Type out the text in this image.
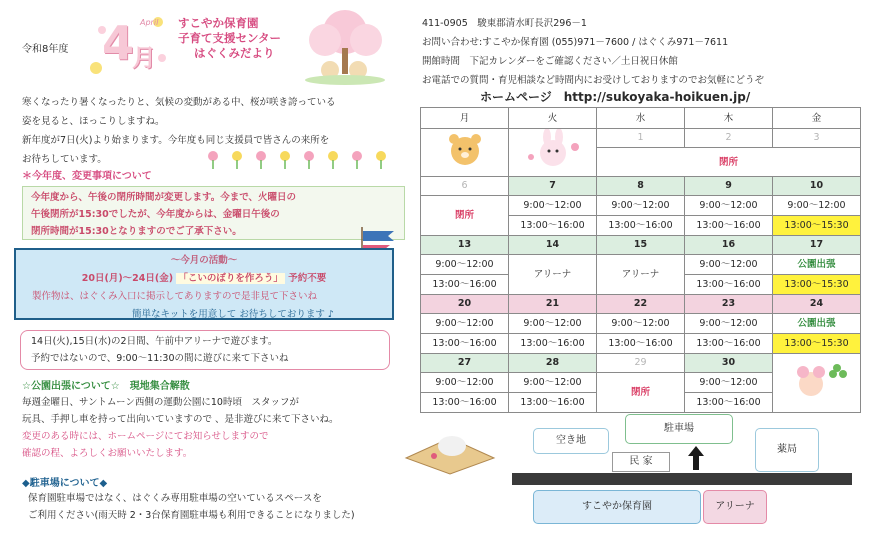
令和8年度 4
月
April すこやか保育園
子育て支援センター
はぐくみだより
411-0905　駿東郡清水町長沢296－1
お問い合わせ:すこやか保育園 (055)971－7600 / はぐくみ971－7611
開館時間　下記カレンダーをご確認ください／土日祝日休館
お電話での質問・育児相談など時間内にお受けしておりますのでお気軽にどうぞ
ホームページ　http://sukoyaka-hoikuen.jp/
寒くなったり暑くなったりと、気候の変動がある中、桜が咲き誇っている
姿を見ると、ほっこりしますね。
新年度が7日(火)より始まります。今年度も同じ支援員で皆さんの来所を
お待ちしています。
＊今年度、変更事項について
今年度から、午後の閉所時間が変更します。今まで、火曜日の
午後閉所が15:30でしたが、今年度からは、金曜日午後の
閉所時間が15:30となりますのでご了承下さい。
〜今月の活動〜
20日(月)～24日(金) 「こいのぼりを作ろう」 予約不要
製作物は、はぐくみ入口に掲示してありますので是非見て下さいね
簡単なキットを用意して お待ちしております ♪
14日(火),15日(水)の2日間、午前中アリーナで遊びます。
予約ではないので、9:00～11:30の間に遊びに来て下さいね
☆公園出張について☆　現地集合解散
毎週金曜日、サントムーン西側の運動公園に10時頃　スタッフが
玩具、手押し車を持って出向いていますので 、是非遊びに来て下さいね。
変更のある時には、ホームページにてお知らせしますので
確認の程、よろしくお願いいたします。
◆駐車場について◆
保育園駐車場ではなく、はぐくみ専用駐車場の空いているスペースを
ご利用ください(雨天時 2・3台保育園駐車場も利用できることになりました)
月	火	水	木	金
		1	2	3
		閉所		

6	7	8	9	10
閉所	9:00～12:00	9:00～12:00	9:00～12:00	9:00～12:00
	13:00～16:00	13:00～16:00	13:00～16:00	13:00～15:30
13	14	15	16	17
9:00～12:00	アリーナ	アリーナ	9:00～12:00	公園出張
13:00～16:00			13:00～16:00	13:00～15:30
20	21	22	23	24
9:00～12:00	9:00～12:00	9:00～12:00	9:00～12:00	公園出張
13:00～16:00	13:00～16:00	13:00～16:00	13:00～16:00	13:00～15:30
27	28	29	30	
9:00～12:00	9:00～12:00	閉所	9:00～12:00	
13:00～16:00	13:00～16:00		13:00～16:00	
空き地
駐車場
薬局
民 家
すこやか保育園	アリーナ
